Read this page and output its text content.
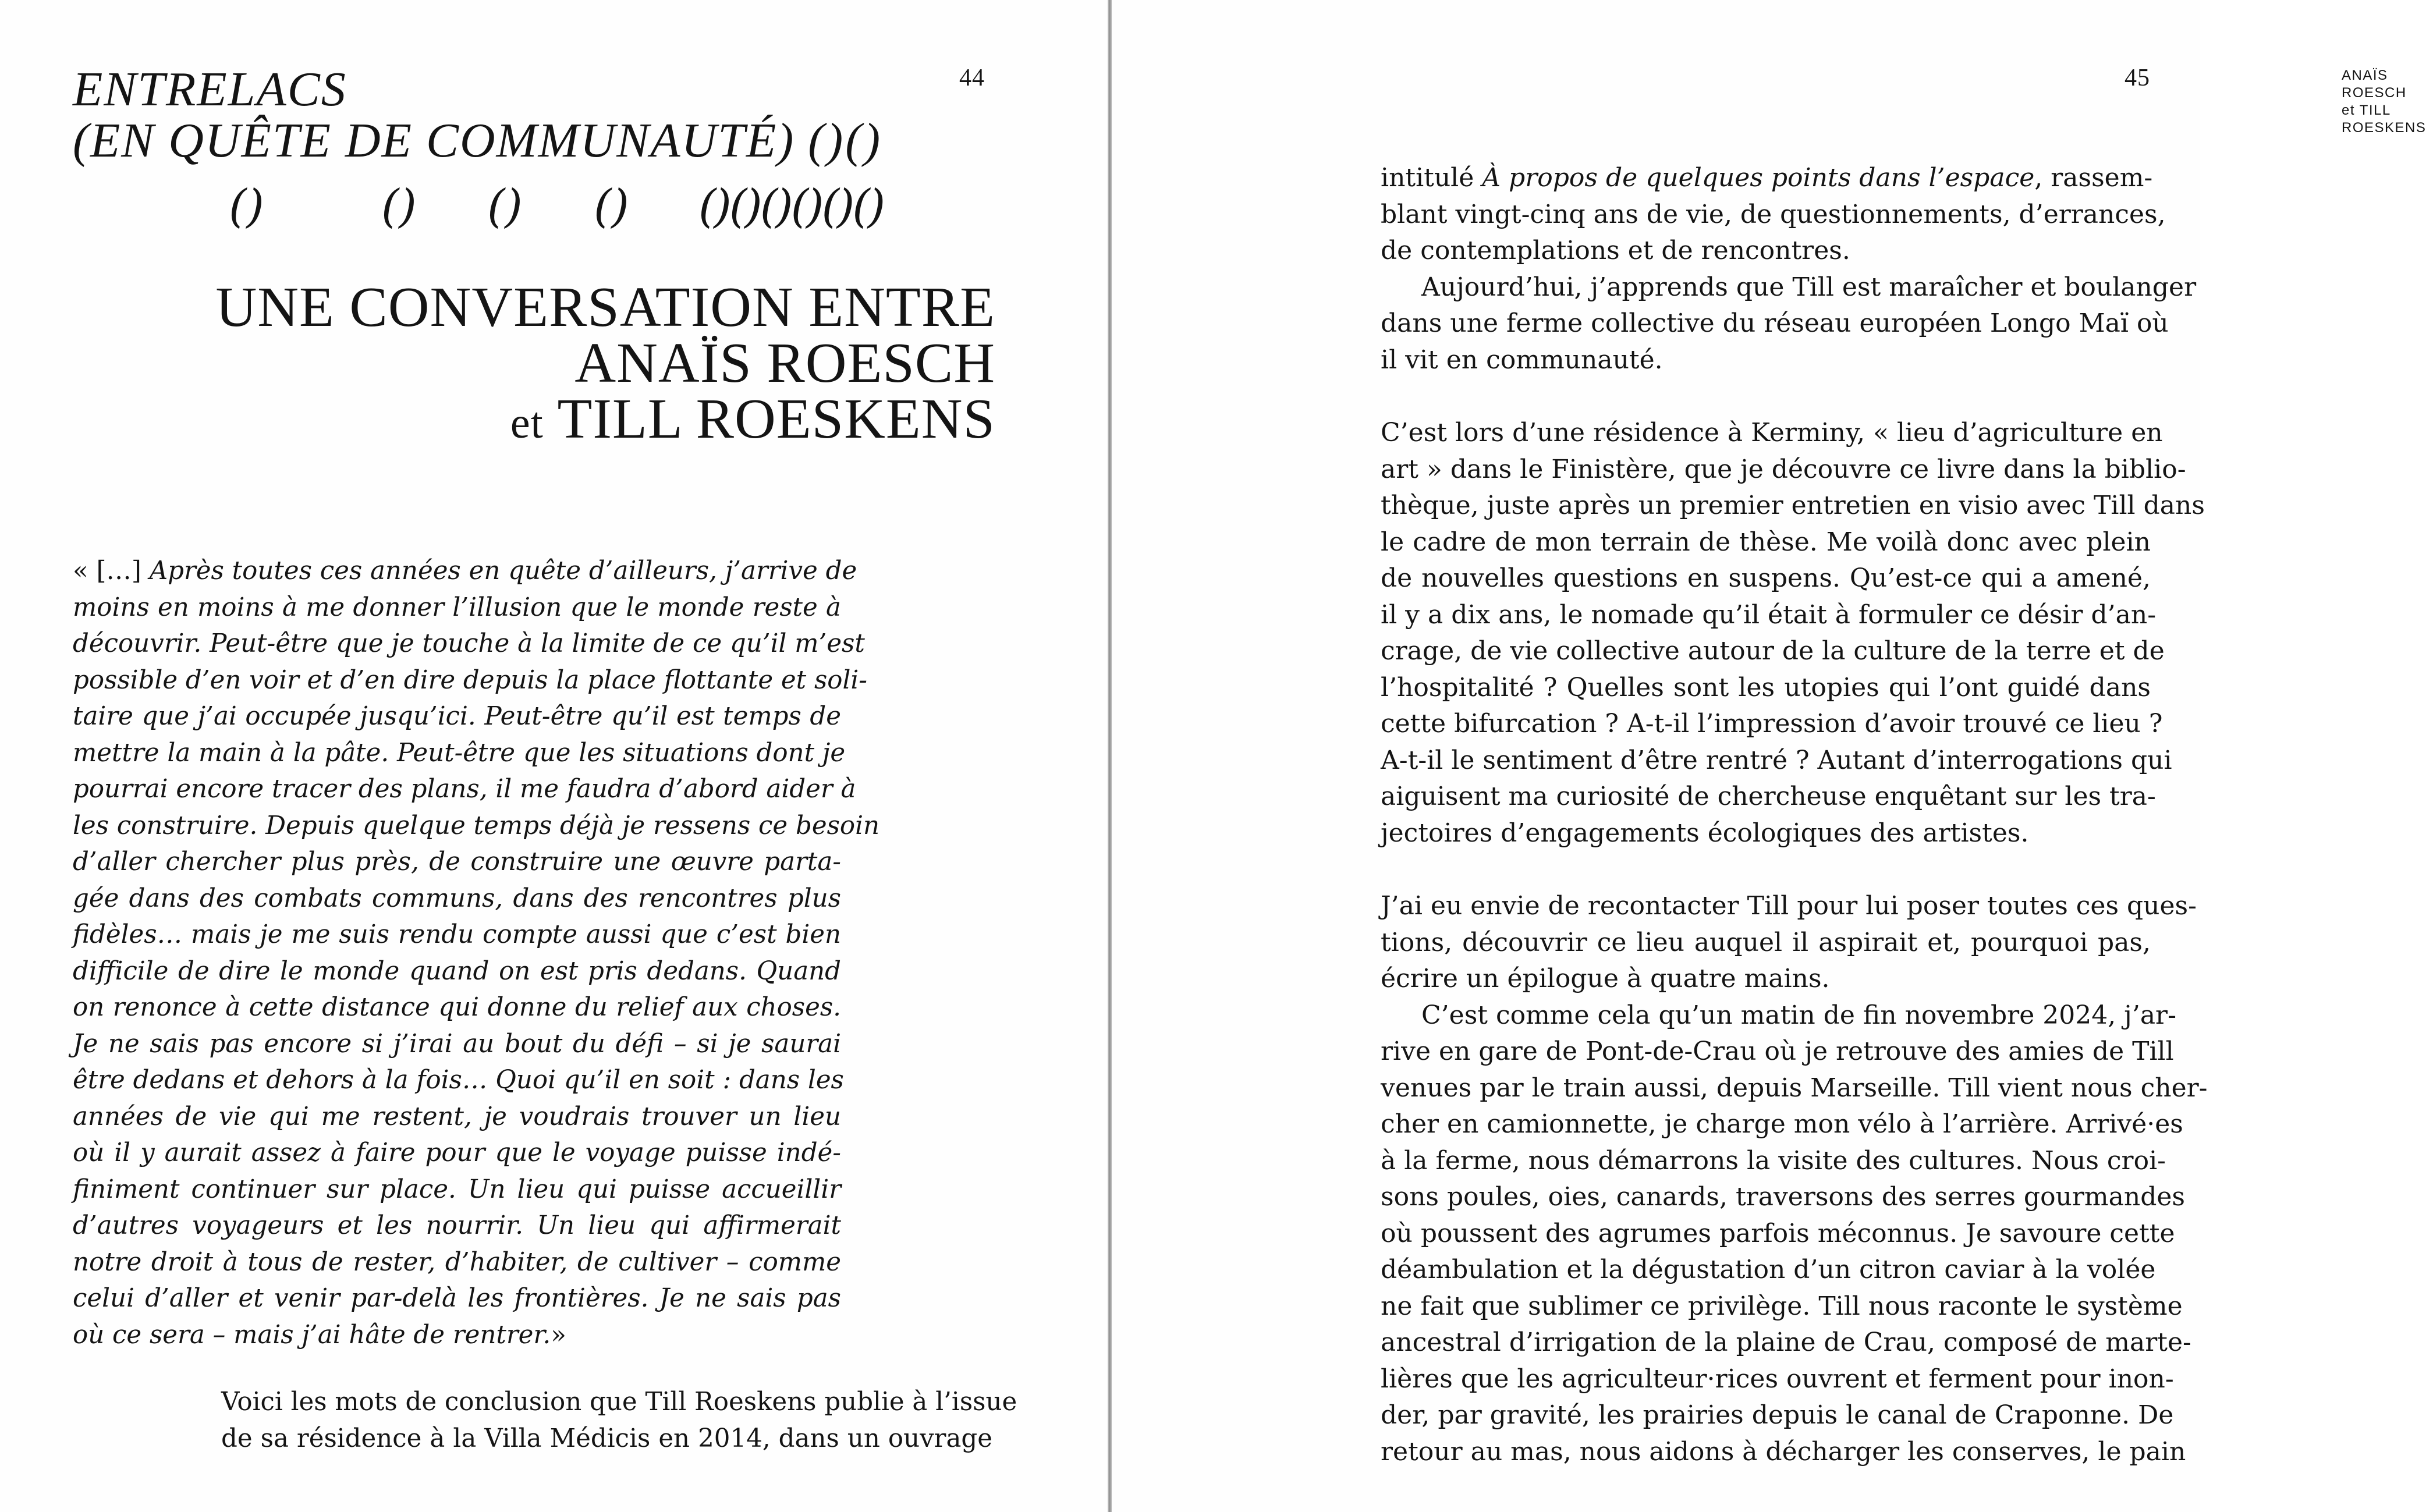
44
ENTRELACS
(EN QUÊTE DE COMMUNAUTÉ) ()()
()	() () () ()()()()()()
UNE CONVERSATION ENTRE
ANAÏS ROESCH
et TILL ROESKENS
« […] Après toutes ces années en quête d’ailleurs, j’arrive de
moins en moins à me donner l’illusion que le monde reste à
découvrir. Peut-être que je touche à la limite de ce qu’il m’est
possible d’en voir et d’en dire depuis la place flottante et soli-
taire que j’ai occupée jusqu’ici. Peut-être qu’il est temps de
mettre la main à la pâte. Peut-être que les situations dont je
pourrai encore tracer des plans, il me faudra d’abord aider à
les construire. Depuis quelque temps déjà je ressens ce besoin
d’aller chercher plus près, de construire une œuvre parta-
gée dans des combats communs, dans des rencontres plus
fidèles… mais je me suis rendu compte aussi que c’est bien
difficile de dire le monde quand on est pris dedans. Quand
on renonce à cette distance qui donne du relief aux choses.
Je ne sais pas encore si j’irai au bout du défi – si je saurai
être dedans et dehors à la fois… Quoi qu’il en soit : dans les
années de vie qui me restent, je voudrais trouver un lieu
où il y aurait assez à faire pour que le voyage puisse indé-
finiment continuer sur place. Un lieu qui puisse accueillir
d’autres voyageurs et les nourrir. Un lieu qui affirmerait
notre droit à tous de rester, d’habiter, de cultiver – comme
celui d’aller et venir par-delà les frontières. Je ne sais pas
où ce sera – mais j’ai hâte de rentrer.»
Voici les mots de conclusion que Till Roeskens publie à l’issue
de sa résidence à la Villa Médicis en 2014, dans un ouvrage
ANAÏS ROESCH
et TILL ROESKENS
45

intitulé À propos de quelques points dans l’espace, rassem-
blant vingt-cinq ans de vie, de questionnements, d’errances,
de contemplations et de rencontres.

Aujourd’hui, j’apprends que Till est maraîcher et boulanger
dans une ferme collective du réseau européen Longo Maï où
il vit en communauté.

C’est lors d’une résidence à Kerminy, « lieu d’agriculture en
art » dans le Finistère, que je découvre ce livre dans la biblio-
thèque, juste après un premier entretien en visio avec Till dans
le cadre de mon terrain de thèse. Me voilà donc avec plein
de nouvelles questions en suspens. Qu’est-ce qui a amené,
il y a dix ans, le nomade qu’il était à formuler ce désir d’an-
crage, de vie collective autour de la culture de la terre et de
l’hospitalité ? Quelles sont les utopies qui l’ont guidé dans
cette bifurcation ? A-t-il l’impression d’avoir trouvé ce lieu ?
A-t-il le sentiment d’être rentré ? Autant d’interrogations qui
aiguisent ma curiosité de chercheuse enquêtant sur les tra-
jectoires d’engagements écologiques des artistes.

J’ai eu envie de recontacter Till pour lui poser toutes ces ques-
tions, découvrir ce lieu auquel il aspirait et, pourquoi pas,
écrire un épilogue à quatre mains.

C’est comme cela qu’un matin de fin novembre 2024, j’ar-
rive en gare de Pont-de-Crau où je retrouve des amies de Till
venues par le train aussi, depuis Marseille. Till vient nous cher-
cher en camionnette, je charge mon vélo à l’arrière. Arrivé·es
à la ferme, nous démarrons la visite des cultures. Nous croi-
sons poules, oies, canards, traversons des serres gourmandes
où poussent des agrumes parfois méconnus. Je savoure cette
déambulation et la dégustation d’un citron caviar à la volée
ne fait que sublimer ce privilège. Till nous raconte le système
ancestral d’irrigation de la plaine de Crau, composé de marte-
lières que les agriculteur·rices ouvrent et ferment pour inon-
der, par gravité, les prairies depuis le canal de Craponne. De
retour au mas, nous aidons à décharger les conserves, le pain
